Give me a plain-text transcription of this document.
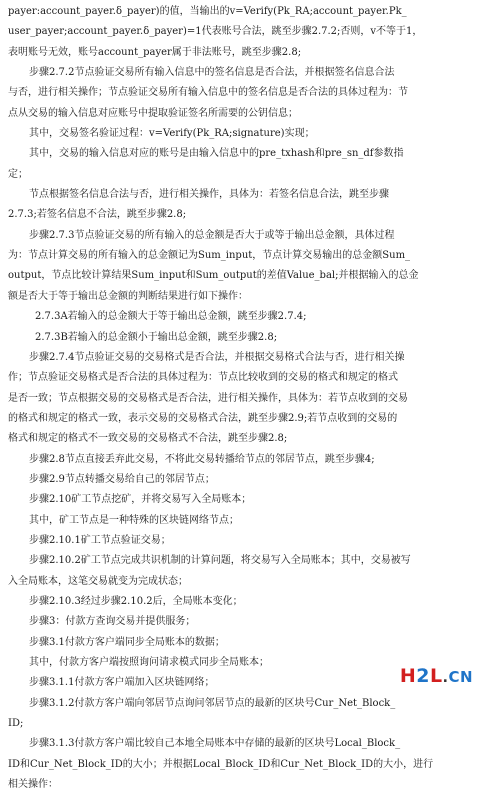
payer:account_payer.δ_payer)的值，当输出的v=Verify(Pk_RA;account_payer.Pk_
user_payer;account_payer.δ_payer)=1代表账号合法，跳至步骤2.7.2;否则，v不等于1，
表明账号无效，账号account_payer属于非法账号，跳至步骤2.8;
步骤2.7.2节点验证交易所有输入信息中的签名信息是否合法，并根据签名信息合法
与否，进行相关操作；节点验证交易所有输入信息中的签名信息是否合法的具体过程为：节
点从交易的输入信息对应账号中提取验证签名所需要的公钥信息；
其中，交易签名验证过程：v=Verify(Pk_RA;signature)实现；
其中，交易的输入信息对应的账号是由输入信息中的pre_txhash和pre_sn_df参数指
定；
节点根据签名信息合法与否，进行相关操作，具体为：若签名信息合法，跳至步骤
2.7.3;若签名信息不合法，跳至步骤2.8;
步骤2.7.3节点验证交易的所有输入的总金额是否大于或等于输出总金额，具体过程
为：节点计算交易的所有输入的总金额记为Sum_input，节点计算交易输出的总金额Sum_
output，节点比较计算结果Sum_input和Sum_output的差值Value_bal;并根据输入的总金
额是否大于等于输出总金额的判断结果进行如下操作：
2.7.3A若输入的总金额大于等于输出总金额，跳至步骤2.7.4;
2.7.3B若输入的总金额小于输出总金额，跳至步骤2.8;
步骤2.7.4节点验证交易的交易格式是否合法，并根据交易格式合法与否，进行相关操
作；节点验证交易格式是否合法的具体过程为：节点比较收到的交易的格式和规定的格式
是否一致；节点根据交易的交易格式是否合法，进行相关操作，具体为：若节点收到的交易
的格式和规定的格式一致，表示交易的交易格式合法，跳至步骤2.9;若节点收到的交易的
格式和规定的格式不一致交易的交易格式不合法，跳至步骤2.8;
步骤2.8节点直接丢弃此交易，不将此交易转播给节点的邻居节点，跳至步骤4;
步骤2.9节点转播交易给自己的邻居节点；
步骤2.10矿工节点挖矿，并将交易写入全局账本；
其中，矿工节点是一种特殊的区块链网络节点；
步骤2.10.1矿工节点验证交易；
步骤2.10.2矿工节点完成共识机制的计算问题，将交易写入全局账本；其中，交易被写
入全局账本，这笔交易就变为完成状态；
步骤2.10.3经过步骤2.10.2后，全局账本变化；
步骤3：付款方查询交易并提供服务；
步骤3.1付款方客户端同步全局账本的数据；
其中，付款方客户端按照询问请求模式同步全局账本；
步骤3.1.1付款方客户端加入区块链网络；
步骤3.1.2付款方客户端向邻居节点询问邻居节点的最新的区块号Cur_Net_Block_
ID;
步骤3.1.3付款方客户端比较自己本地全局账本中存储的最新的区块号Local_Block_
ID和Cur_Net_Block_ID的大小；并根据Local_Block_ID和Cur_Net_Block_ID的大小，进行
相关操作：
H2L.CN
